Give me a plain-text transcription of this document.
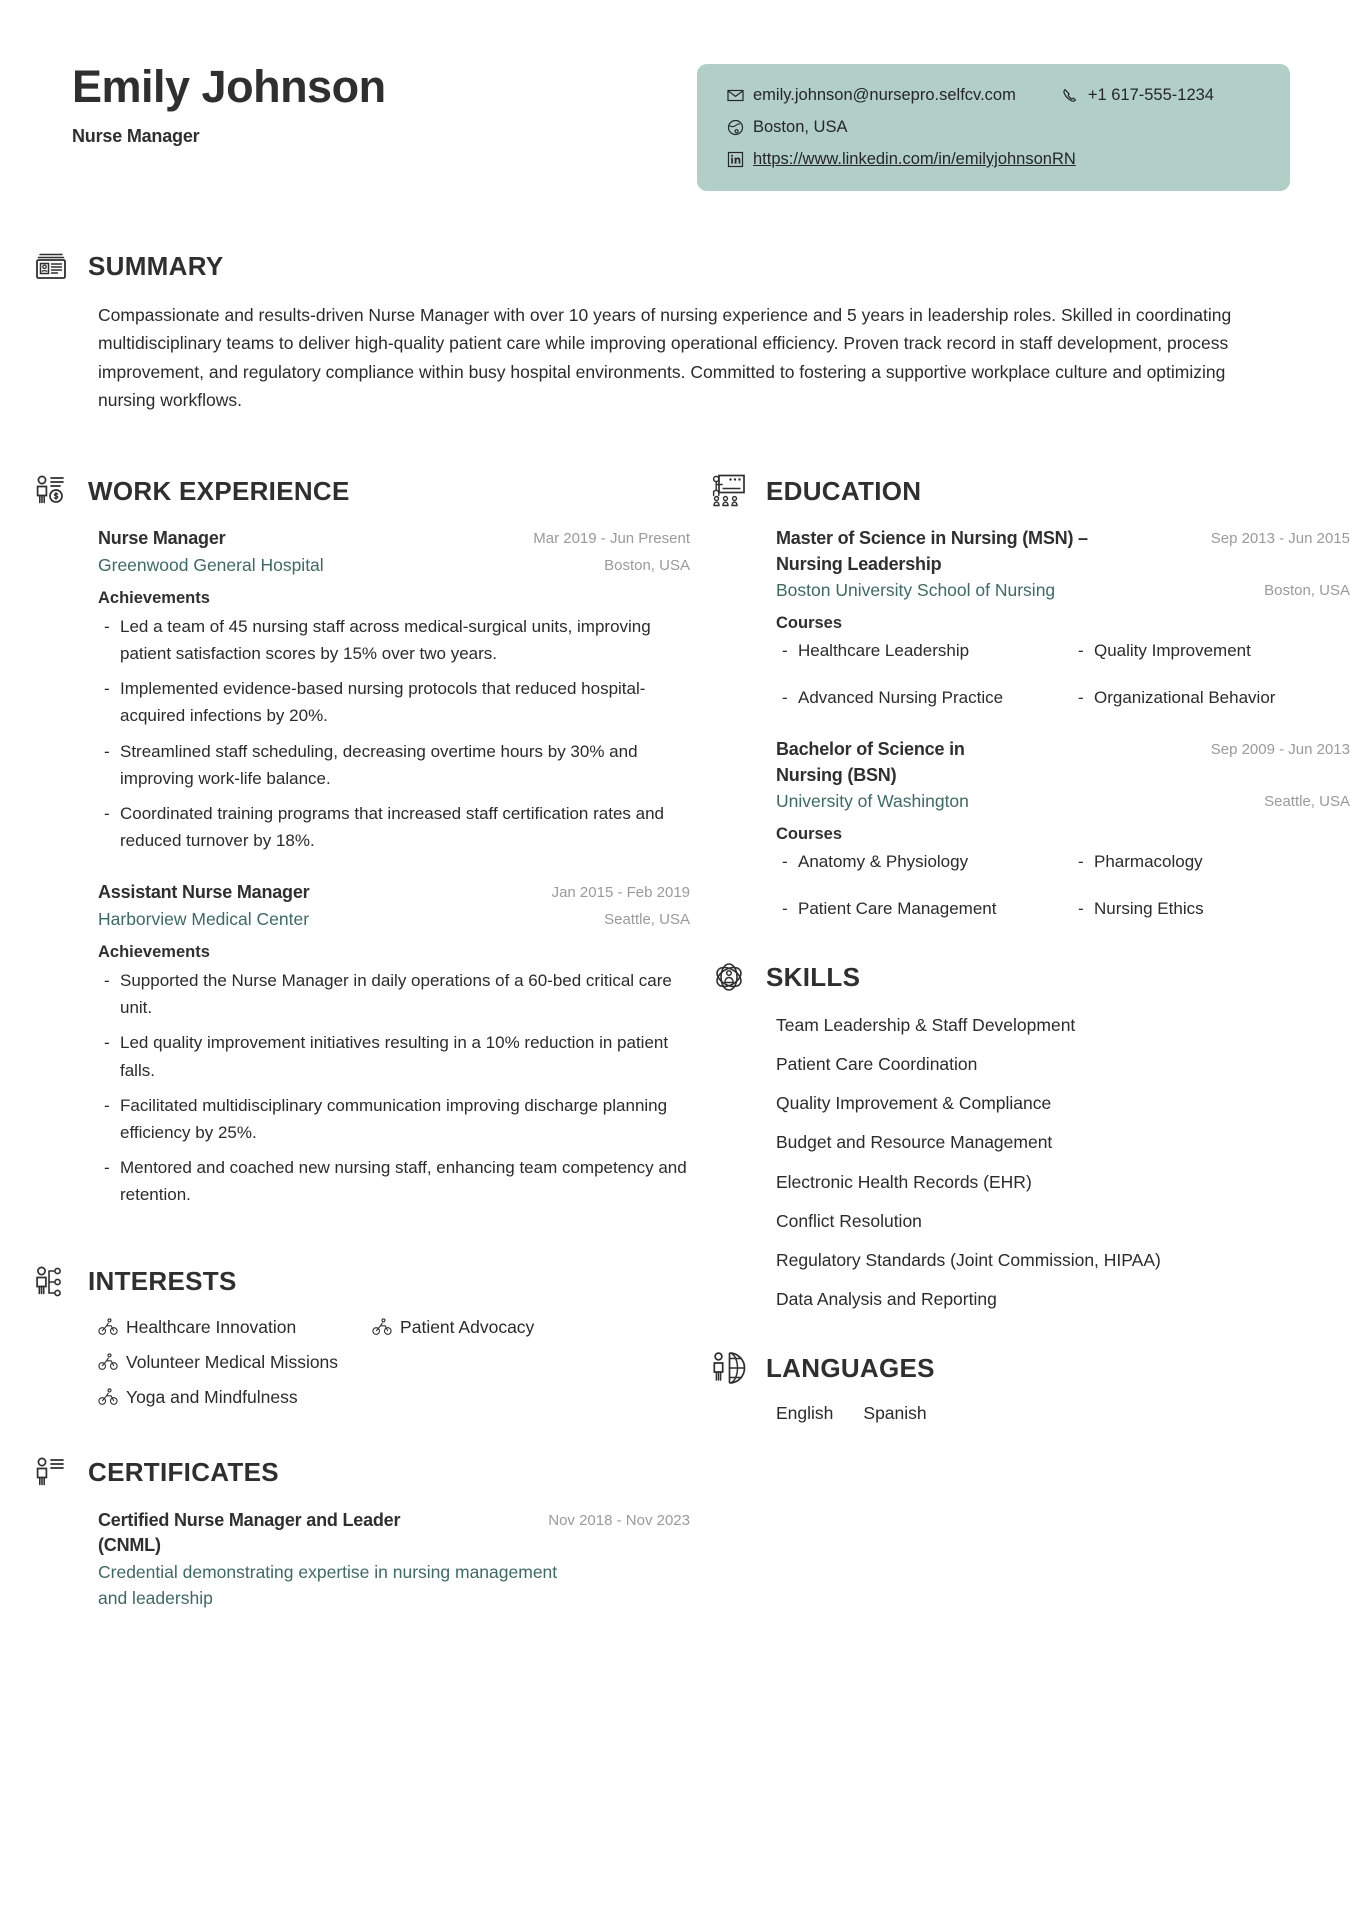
Emily Johnson
Nurse Manager
emily.johnson@nursepro.selfcv.com	+1 617-555-1234
Boston, USA
https://www.linkedin.com/in/emilyjohnsonRN
SUMMARY
Compassionate and results-driven Nurse Manager with over 10 years of nursing experience and 5 years in leadership roles. Skilled in coordinating multidisciplinary teams to deliver high-quality patient care while improving operational efficiency. Proven track record in staff development, process improvement, and regulatory compliance within busy hospital environments. Committed to fostering a supportive workplace culture and optimizing nursing workflows.
WORK EXPERIENCE
Nurse Manager	Mar 2019 - Jun Present
Greenwood General Hospital	Boston, USA
Achievements
- Led a team of 45 nursing staff across medical-surgical units, improving patient satisfaction scores by 15% over two years.
- Implemented evidence-based nursing protocols that reduced hospital-acquired infections by 20%.
- Streamlined staff scheduling, decreasing overtime hours by 30% and improving work-life balance.
- Coordinated training programs that increased staff certification rates and reduced turnover by 18%.
Assistant Nurse Manager	Jan 2015 - Feb 2019
Harborview Medical Center	Seattle, USA
Achievements
- Supported the Nurse Manager in daily operations of a 60-bed critical care unit.
- Led quality improvement initiatives resulting in a 10% reduction in patient falls.
- Facilitated multidisciplinary communication improving discharge planning efficiency by 25%.
- Mentored and coached new nursing staff, enhancing team competency and retention.
INTERESTS
Healthcare Innovation	Patient Advocacy
Volunteer Medical Missions
Yoga and Mindfulness
CERTIFICATES
Certified Nurse Manager and Leader (CNML)
Nov 2018 - Nov 2023
Credential demonstrating expertise in nursing management and leadership
EDUCATION
Master of Science in Nursing (MSN) – Nursing Leadership
Sep 2013 - Jun 2015
Boston University School of Nursing	Boston, USA
Courses
- Healthcare Leadership	- Quality Improvement
- Advanced Nursing Practice	- Organizational Behavior
Bachelor of Science in Nursing (BSN)
Sep 2009 - Jun 2013
University of Washington	Seattle, USA
Courses
- Anatomy & Physiology	- Pharmacology
- Patient Care Management	- Nursing Ethics
SKILLS
Team Leadership & Staff Development
Patient Care Coordination
Quality Improvement & Compliance
Budget and Resource Management
Electronic Health Records (EHR)
Conflict Resolution
Regulatory Standards (Joint Commission, HIPAA)
Data Analysis and Reporting
LANGUAGES
English Spanish
